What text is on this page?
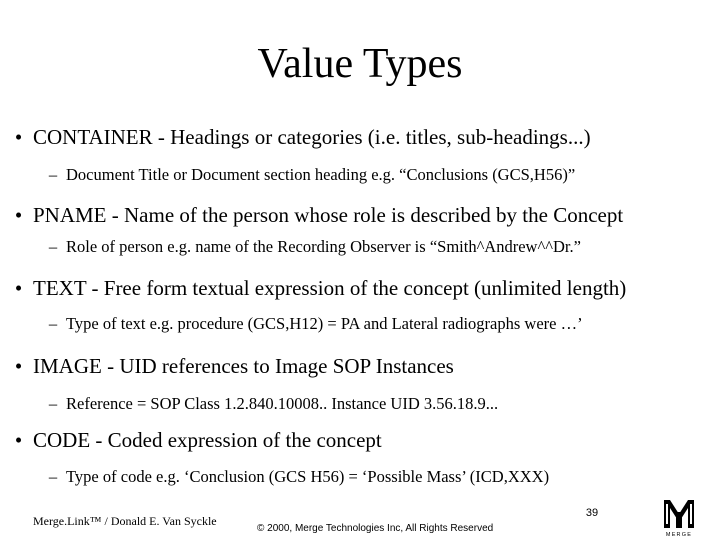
Value Types
• CONTAINER - Headings or categories (i.e. titles, sub-headings...)
– Document Title or Document section heading e.g. “Conclusions (GCS,H56)”
• PNAME - Name of the person whose role is described by the Concept
– Role of person e.g. name of the Recording Observer is “Smith^Andrew^^Dr.”
• TEXT - Free form textual expression of the concept (unlimited length)
– Type of text e.g. procedure (GCS,H12) = PA and Lateral radiographs were …’
• IMAGE - UID references to Image SOP Instances
– Reference = SOP Class 1.2.840.10008.. Instance UID 3.56.18.9...
• CODE - Coded expression of the concept
– Type of code e.g. ‘Conclusion (GCS H56) = ‘Possible Mass’ (ICD,XXX)
Merge.Link™ / Donald E. Van Syckle
© 2000, Merge Technologies Inc, All Rights Reserved
39
MERGE
